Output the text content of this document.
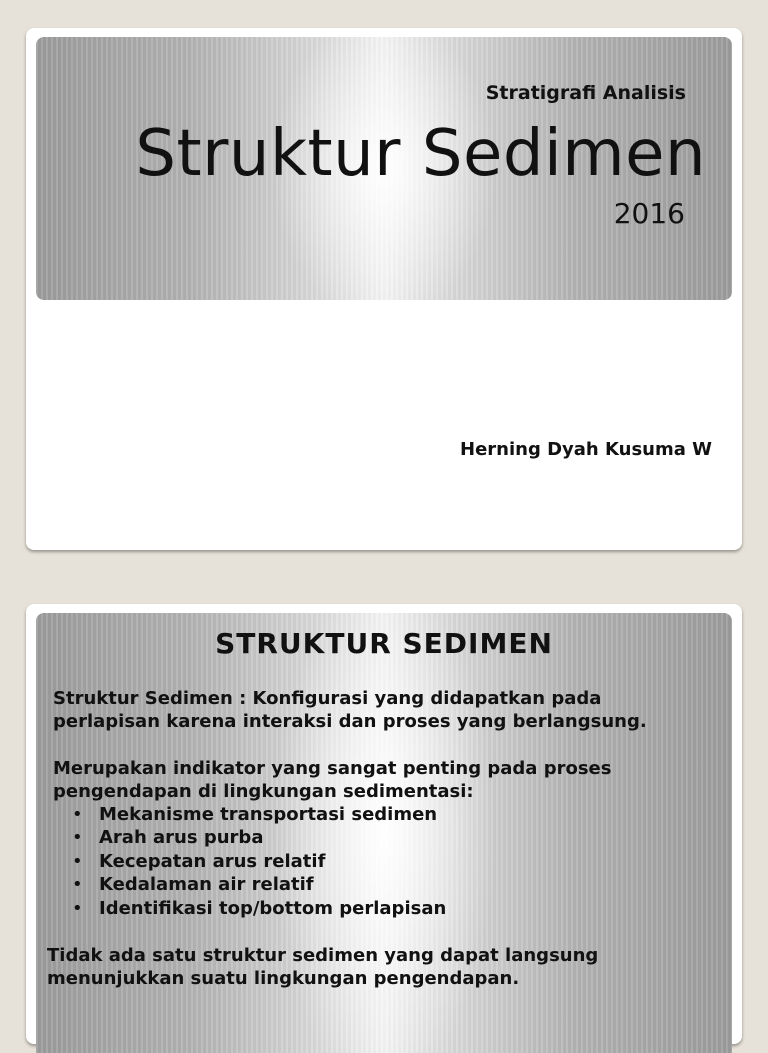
Stratigrafi Analisis
Struktur Sedimen
2016
Herning Dyah Kusuma W
STRUKTUR SEDIMEN
Struktur Sedimen : Konfigurasi yang didapatkan pada
perlapisan karena interaksi dan proses yang berlangsung.
Merupakan indikator yang sangat penting pada proses
pengendapan di lingkungan sedimentasi:
• Mekanisme transportasi sedimen
• Arah arus purba
• Kecepatan arus relatif
• Kedalaman air relatif
• Identifikasi top/bottom perlapisan
Tidak ada satu struktur sedimen yang dapat langsung
menunjukkan suatu lingkungan pengendapan.
